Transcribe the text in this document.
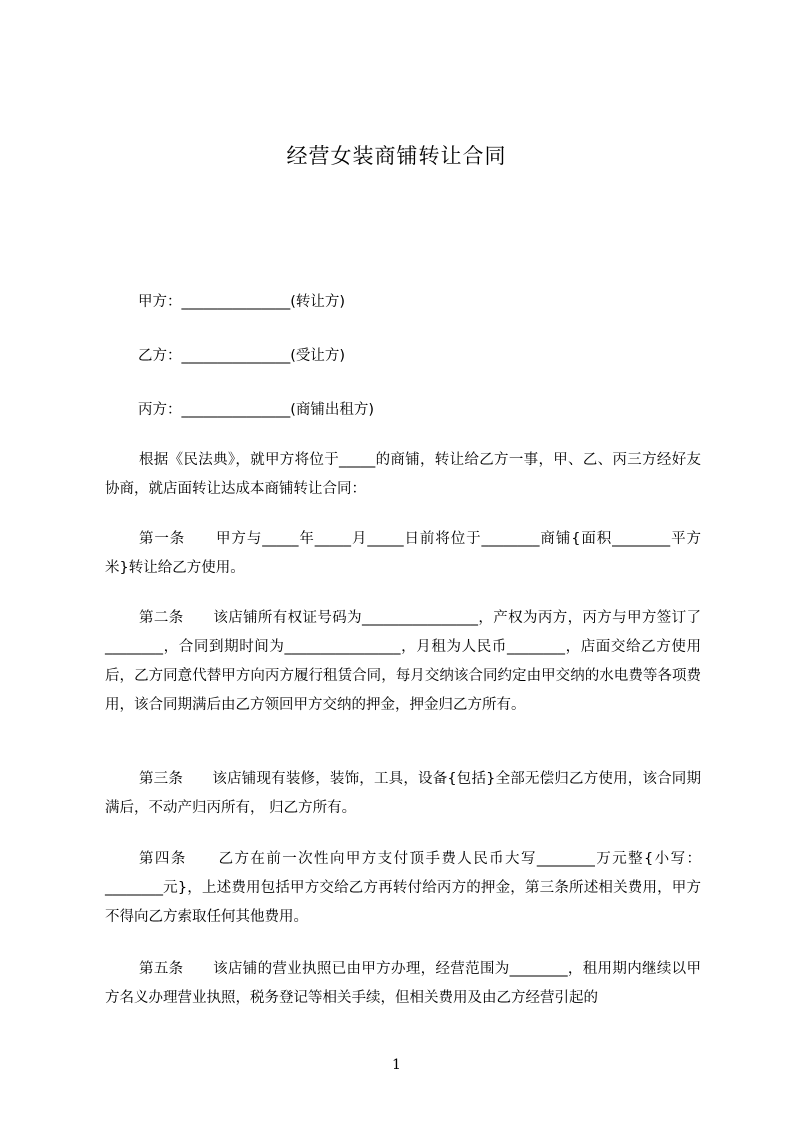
经营女装商铺转让合同
甲方：_______________(转让方)
乙方：_______________(受让方)
丙方：_______________(商铺出租方)
根据《民法典》，就甲方将位于_____的商铺，转让给乙方一事，甲、乙、丙三方经好友协商，就店面转让达成本商铺转让合同：
第一条　　甲方与_____年_____月_____日前将位于________商铺{面积________平方米}转让给乙方使用。
第二条　　该店铺所有权证号码为________________，产权为丙方，丙方与甲方签订了________，合同到期时间为________________，月租为人民币________，店面交给乙方使用后，乙方同意代替甲方向丙方履行租赁合同，每月交纳该合同约定由甲交纳的水电费等各项费用，该合同期满后由乙方领回甲方交纳的押金，押金归乙方所有。
第三条　　该店铺现有装修，装饰，工具，设备{包括}全部无偿归乙方使用，该合同期满后，不动产归丙所有， 归乙方所有。
第四条　　乙方在前一次性向甲方支付顶手费人民币大写________万元整{小写：________元}，上述费用包括甲方交给乙方再转付给丙方的押金，第三条所述相关费用，甲方不得向乙方索取任何其他费用。
第五条　　该店铺的营业执照已由甲方办理，经营范围为________，租用期内继续以甲方名义办理营业执照，税务登记等相关手续，但相关费用及由乙方经营引起的
1
